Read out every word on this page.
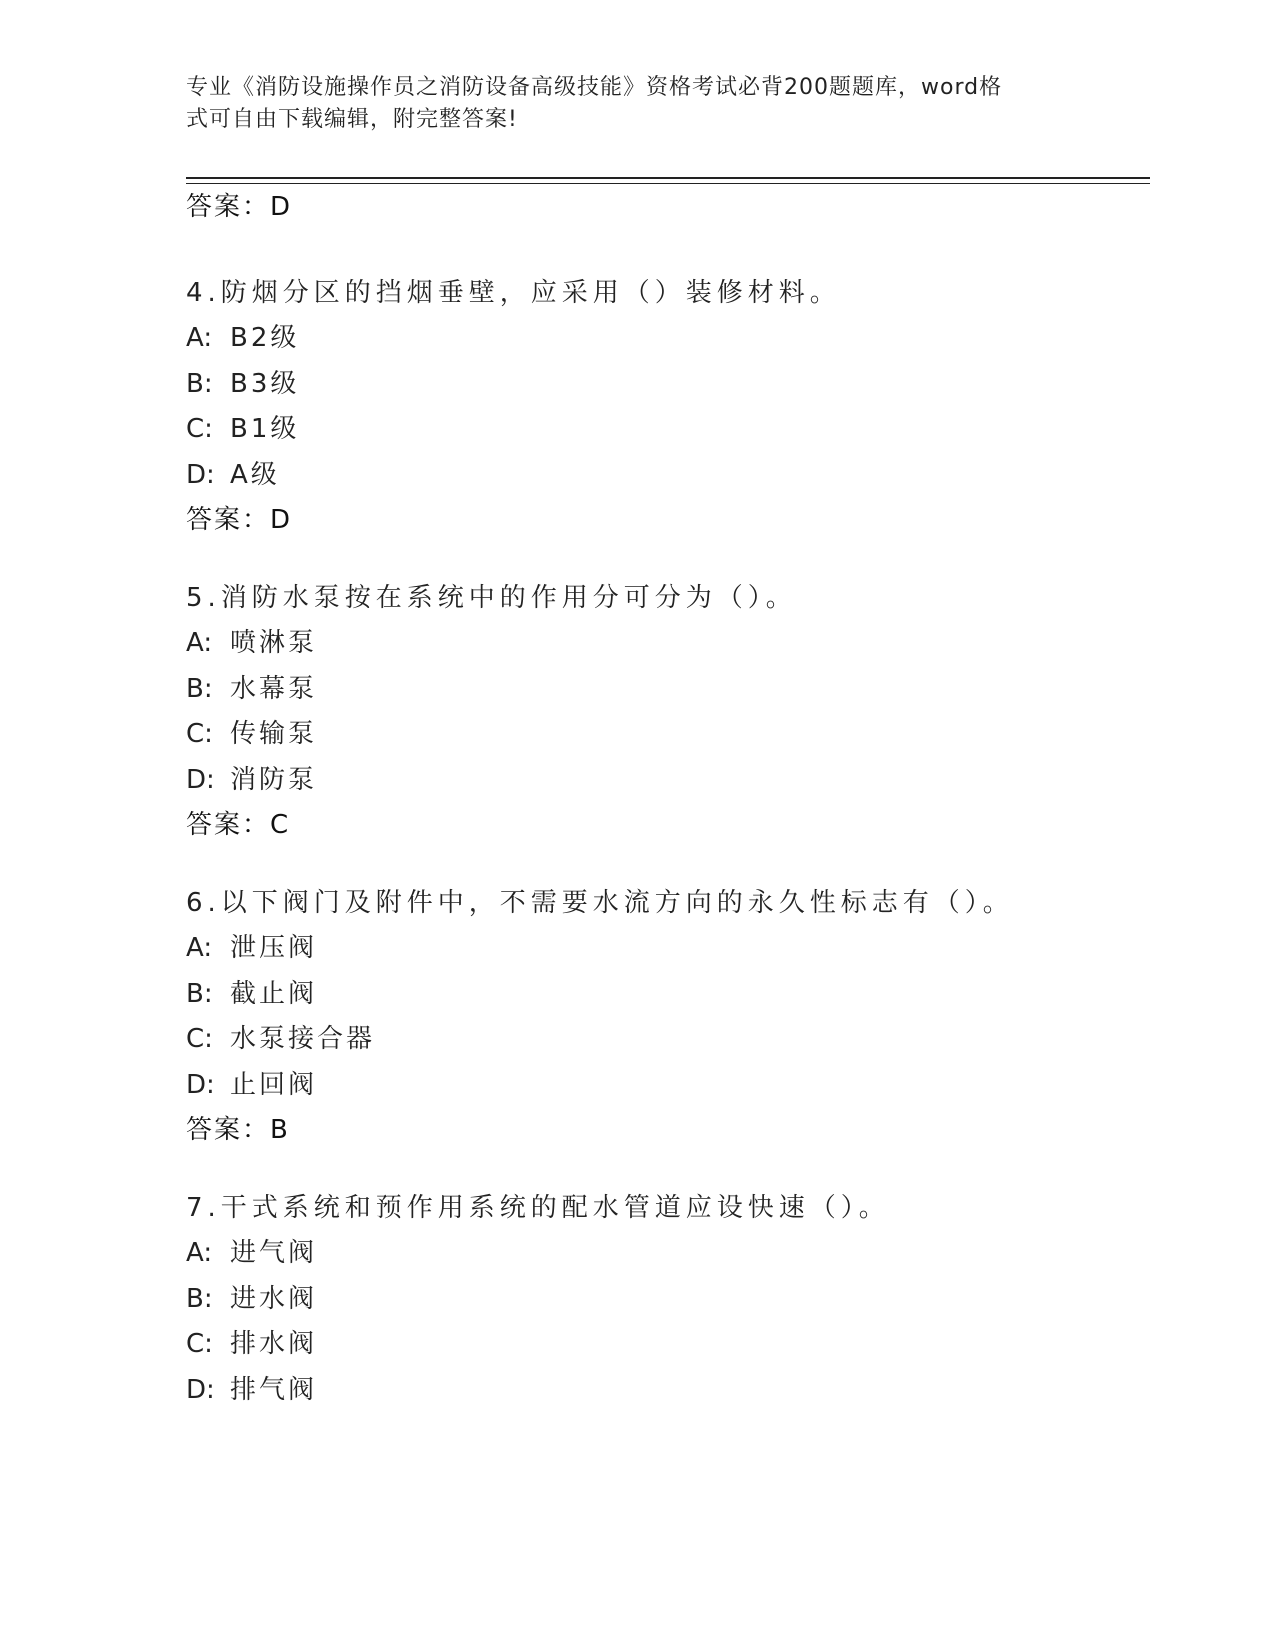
专业《消防设施操作员之消防设备高级技能》资格考试必背200题题库，word格
式可自由下载编辑，附完整答案!
答案：D
4.防烟分区的挡烟垂壁，应采用（）装修材料。
A: B2级
B: B3级
C: B1级
D: A级
答案：D
5.消防水泵按在系统中的作用分可分为（）。
A: 喷淋泵
B: 水幕泵
C: 传输泵
D: 消防泵
答案：C
6.以下阀门及附件中，不需要水流方向的永久性标志有（）。
A: 泄压阀
B: 截止阀
C: 水泵接合器
D: 止回阀
答案：B
7.干式系统和预作用系统的配水管道应设快速（）。
A: 进气阀
B: 进水阀
C: 排水阀
D: 排气阀
